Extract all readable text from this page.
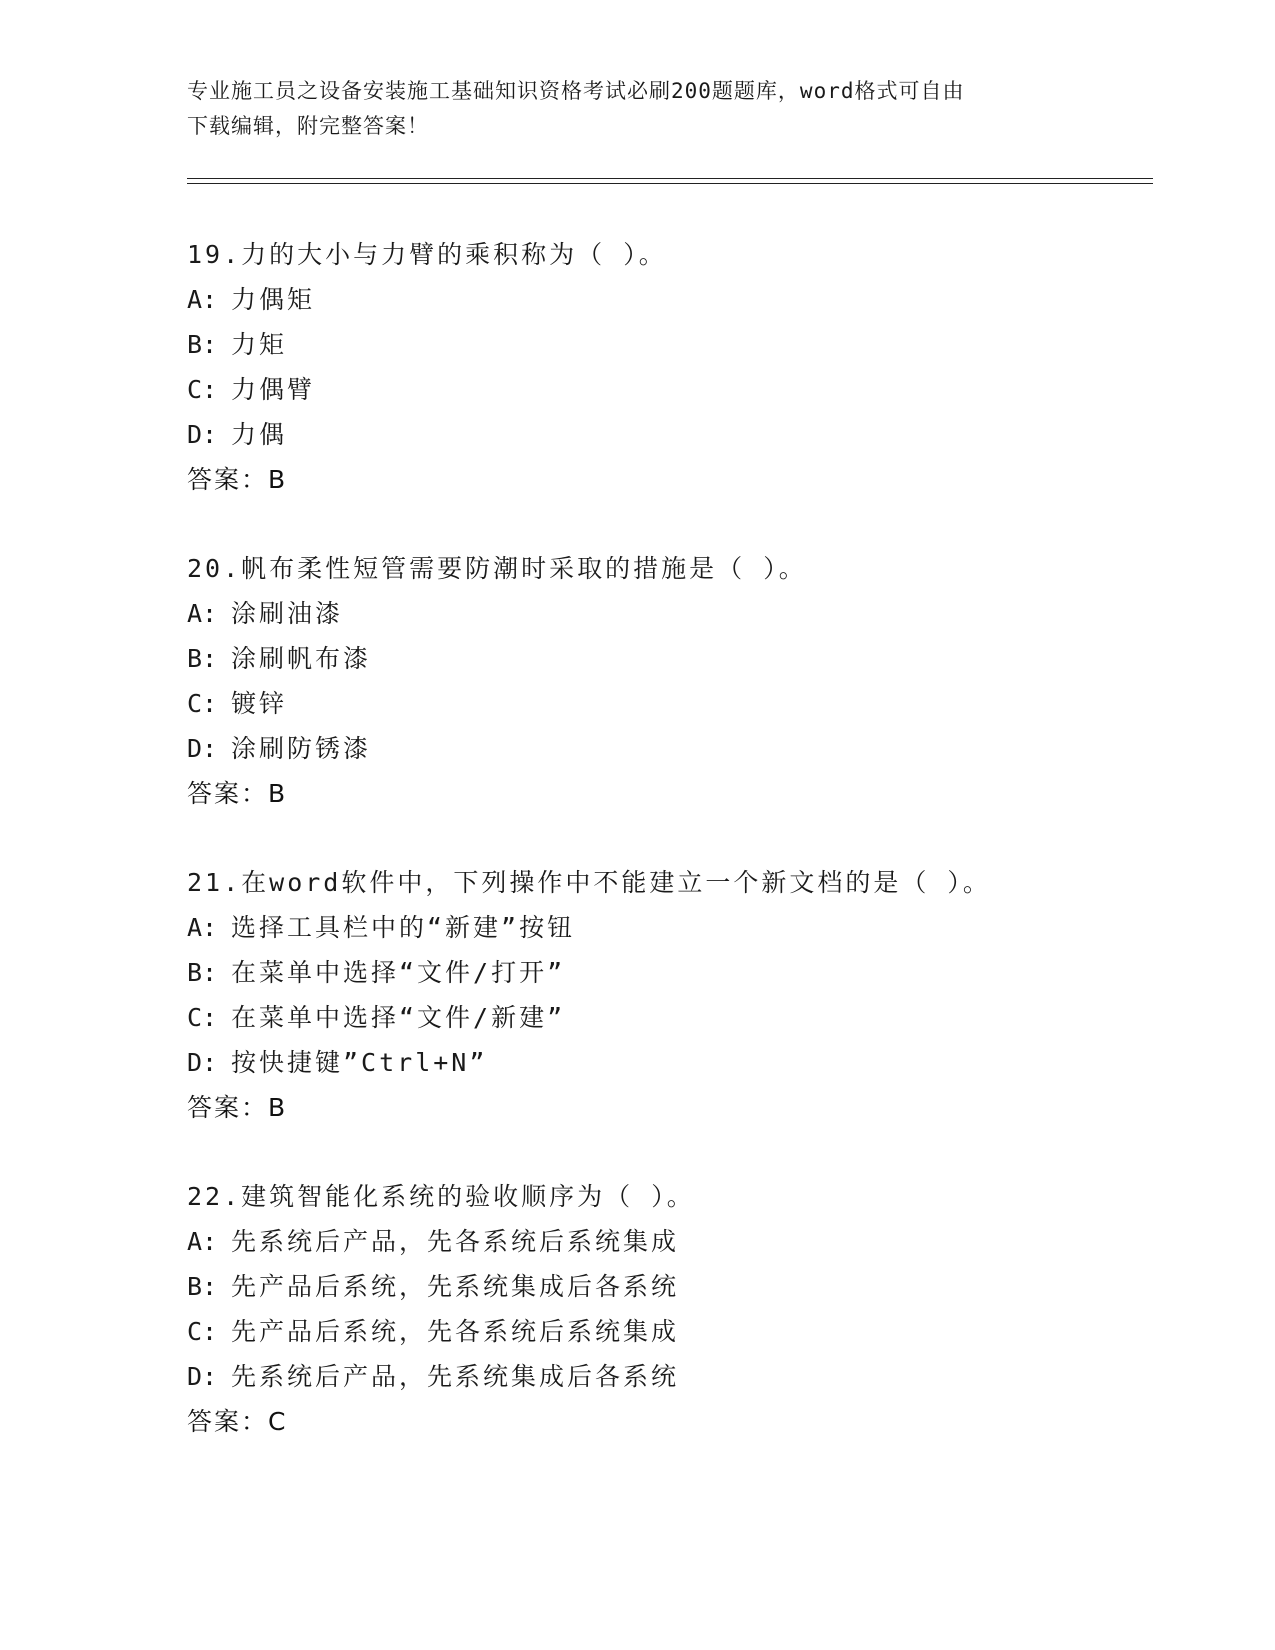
专业施工员之设备安装施工基础知识资格考试必刷200题题库，word格式可自由
下载编辑，附完整答案！
19.力的大小与力臂的乘积称为（ ）。
A: 力偶矩
B: 力矩
C: 力偶臂
D: 力偶
答案：B
20.帆布柔性短管需要防潮时采取的措施是（ ）。
A: 涂刷油漆
B: 涂刷帆布漆
C: 镀锌
D: 涂刷防锈漆
答案：B
21.在word软件中，下列操作中不能建立一个新文档的是（ ）。
A: 选择工具栏中的“新建”按钮
B: 在菜单中选择“文件/打开”
C: 在菜单中选择“文件/新建”
D: 按快捷键”Ctrl+N”
答案：B
22.建筑智能化系统的验收顺序为（ ）。
A: 先系统后产品，先各系统后系统集成
B: 先产品后系统，先系统集成后各系统
C: 先产品后系统，先各系统后系统集成
D: 先系统后产品，先系统集成后各系统
答案：C
